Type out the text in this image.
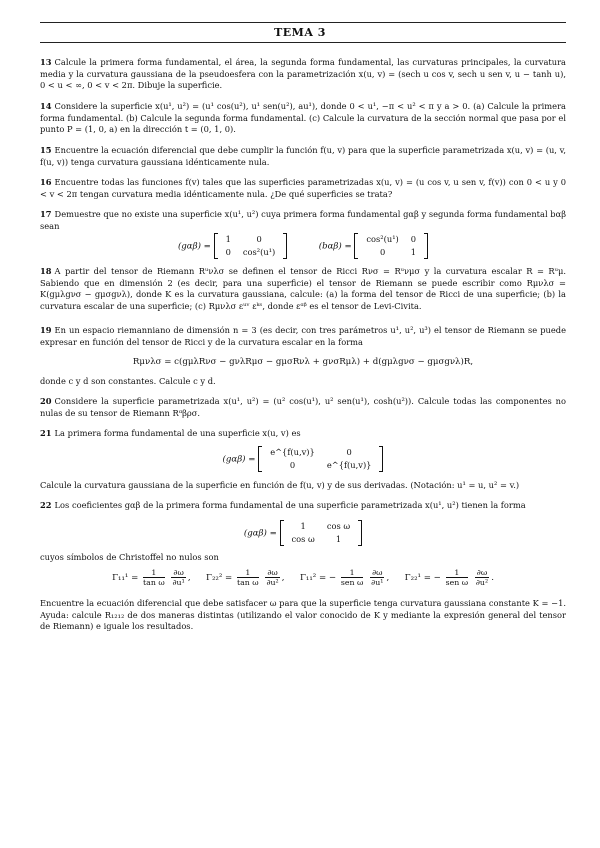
TEMA 3
13 Calcule la primera forma fundamental, el área, la segunda forma fundamental, las curvaturas principales, la curvatura media y la curvatura gaussiana de la pseudoesfera con la parametrización x(u, v) = (sech u cos v, sech u sen v, u − tanh u), 0 < u < ∞, 0 < v < 2π. Dibuje la superficie.
14 Considere la superficie x(u¹, u²) = (u¹ cos(u²), u¹ sen(u²), au¹), donde 0 < u¹, −π < u² < π y a > 0. (a) Calcule la primera forma fundamental. (b) Calcule la segunda forma fundamental. (c) Calcule la curvatura de la sección normal que pasa por el punto P = (1, 0, a) en la dirección t = (0, 1, 0).
15 Encuentre la ecuación diferencial que debe cumplir la función f(u, v) para que la superficie parametrizada x(u, v) = (u, v, f(u, v)) tenga curvatura gaussiana idénticamente nula.
16 Encuentre todas las funciones f(v) tales que las superficies parametrizadas x(u, v) = (u cos v, u sen v, f(v)) con 0 < u y 0 < v < 2π tengan curvatura media idénticamente nula. ¿De qué superficies se trata?
17 Demuestre que no existe una superficie x(u¹, u²) cuya primera forma fundamental gαβ y segunda forma fundamental bαβ sean
(gαβ) =
1	0
0	cos²(u¹)
(bαβ) =
cos²(u¹)	0
0	1
18 A partir del tensor de Riemann Rᵘνλσ se definen el tensor de Ricci Rνσ = Rᵘνμσ y la curvatura escalar R = Rᵘμ. Sabiendo que en dimensión 2 (es decir, para una superficie) el tensor de Riemann se puede escribir como Rμνλσ = K(gμλgνσ − gμσgνλ), donde K es la curvatura gaussiana, calcule: (a) la forma del tensor de Ricci de una superficie; (b) la curvatura escalar de una superficie; (c) Rμνλσ εᵘᵛ εᵏˢ, donde εᵅᵝ es el tensor de Levi-Civita.
19 En un espacio riemanniano de dimensión n = 3 (es decir, con tres parámetros u¹, u², u³) el tensor de Riemann se puede expresar en función del tensor de Ricci y de la curvatura escalar en la forma
Rμνλσ = c(gμλRνσ − gνλRμσ − gμσRνλ + gνσRμλ) + d(gμλgνσ − gμσgνλ)R,
donde c y d son constantes. Calcule c y d.
20 Considere la superficie parametrizada x(u¹, u²) = (u² cos(u¹), u² sen(u¹), cosh(u²)). Calcule todas las componentes no nulas de su tensor de Riemann Rᵅβρσ.
21 La primera forma fundamental de una superficie x(u, v) es
(gαβ) =
e^{f(u,v)}	0
0	e^{f(u,v)}
Calcule la curvatura gaussiana de la superficie en función de f(u, v) y de sus derivadas. (Notación: u¹ = u, u² = v.)
22 Los coeficientes gαβ de la primera forma fundamental de una superficie parametrizada x(u¹, u²) tienen la forma
(gαβ) =
1	cos ω
cos ω	1
cuyos símbolos de Christoffel no nulos son
$\Gamma_{11}^1 = \frac{1}{\text{tan ω}}$
$\frac{\partial\omega}{\text{∂u¹}}$ , $\Gamma_{22}^2 = \frac{1}{\text{tan ω}}$
$\frac{\partial\omega}{\text{∂u²}}$ , Γ₁₁² = − $\frac{1}{\text{sen ω}}$
$\frac{\partial\omega}{\text{∂u¹}}$ , Γ₂₂¹ = − $\frac{1}{\text{sen ω}}$
$\frac{\partial\omega}{\text{∂u²}}$ .
Encuentre la ecuación diferencial que debe satisfacer ω para que la superficie tenga curvatura gaussiana constante K = −1. Ayuda: calcule R₁₂₁₂ de dos maneras distintas (utilizando el valor conocido de K y mediante la expresión general del tensor de Riemann) e iguale los resultados.
